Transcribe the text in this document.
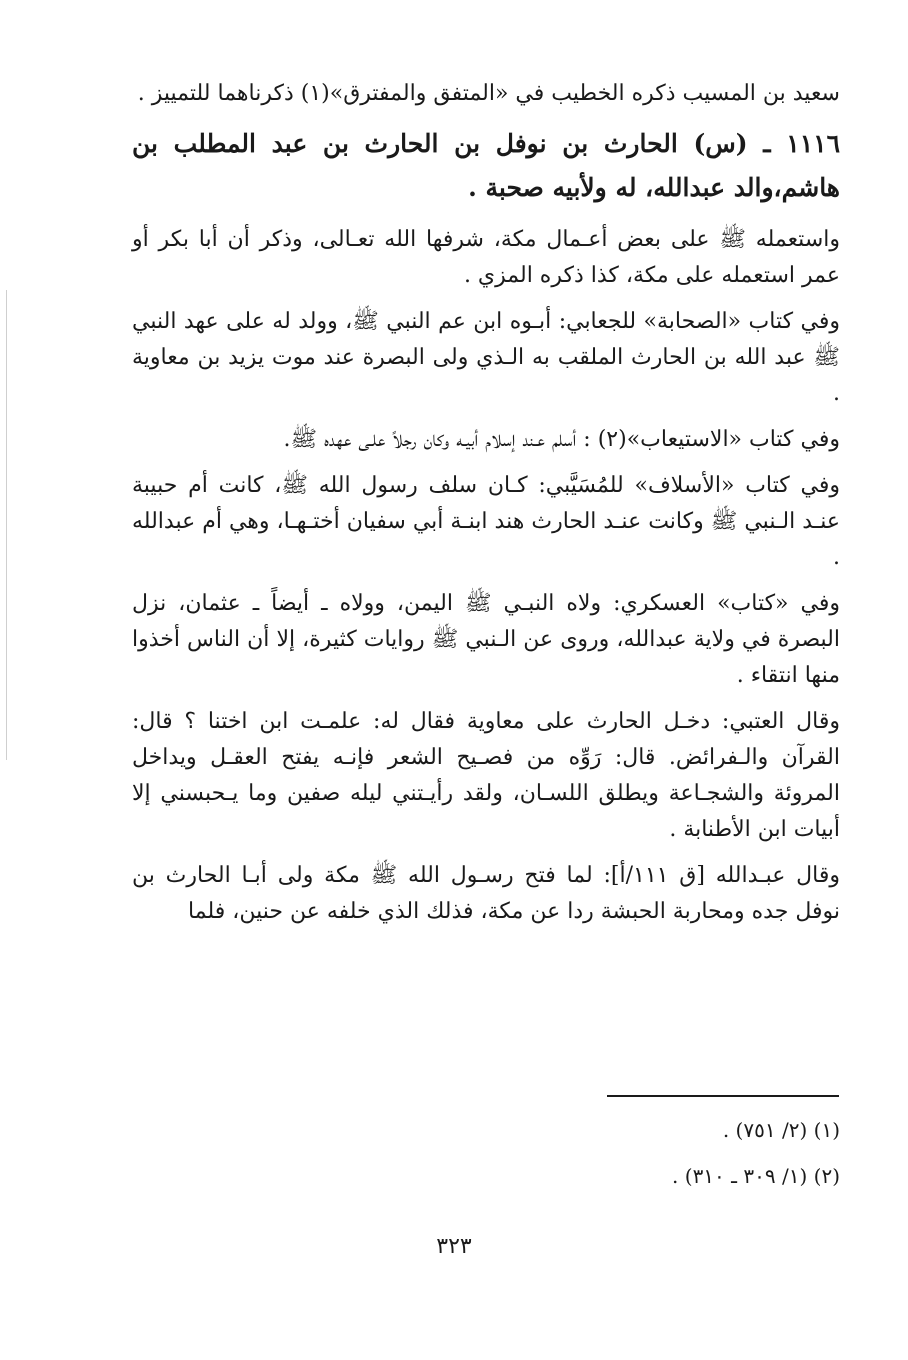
سعيد بن المسيب ذكره الخطيب في «المتفق والمفترق»(١) ذكرناهما للتمييز .

١١١٦ ـ (س) الحارث بن نوفل بن الحارث بن عبد المطلب بن هاشم،والد عبدالله، له ولأبيه صحبة .

واستعمله ﷺ على بعض أعـمال مكة، شرفها الله تعـالى، وذكر أن أبا بكر أو عمر استعمله على مكة، كذا ذكره المزي .

وفي كتاب «الصحابة» للجعابي: أبـوه ابن عم النبي ﷺ، وولد له على عهد النبي ﷺ عبد الله بن الحارث الملقب به الـذي ولى البصرة عند موت يزيد بن معاوية .

وفي كتاب «الاستيعاب»(٢) : أسلم عـند إسلام أبيـه وكان رجلاً علـى عهده ﷺ.

وفي كتاب «الأسلاف» للمُسَيَّبي: كـان سلف رسول الله ﷺ، كانت أم حبيبة عنـد الـنبي ﷺ وكانت عنـد الحارث هند ابنـة أبي سفيان أختـهـا، وهي أم عبدالله .

وفي «كتاب» العسكري: ولاه النبـي ﷺ اليمن، وولاه ـ أيضاً ـ عثمان، نزل البصرة في ولاية عبدالله، وروى عن الـنبي ﷺ روايات كثيرة، إلا أن الناس أخذوا منها انتقاء .

وقال العتبي: دخـل الحارث على معاوية فقال له: علمـت ابن اختنا ؟ قال: القرآن والـفرائض. قال: رَوِّه من فصـيح الشعر فإنـه يفتح العقـل ويداخل المروئة والشجـاعة ويطلق اللسـان، ولقد رأيـتني ليله صفين وما يـحبسني إلا أبيات ابن الأطنابة .

وقال عبـدالله [ق ١١١/أ]: لما فتح رسـول الله ﷺ مكة ولى أبـا الحارث بن نوفل جده ومحاربة الحبشة ردا عن مكة، فذلك الذي خلفه عن حنين، فلما

(١) (٢/ ٧٥١) .
(٢) (١/ ٣٠٩ ـ ٣١٠) .
٣٢٣
